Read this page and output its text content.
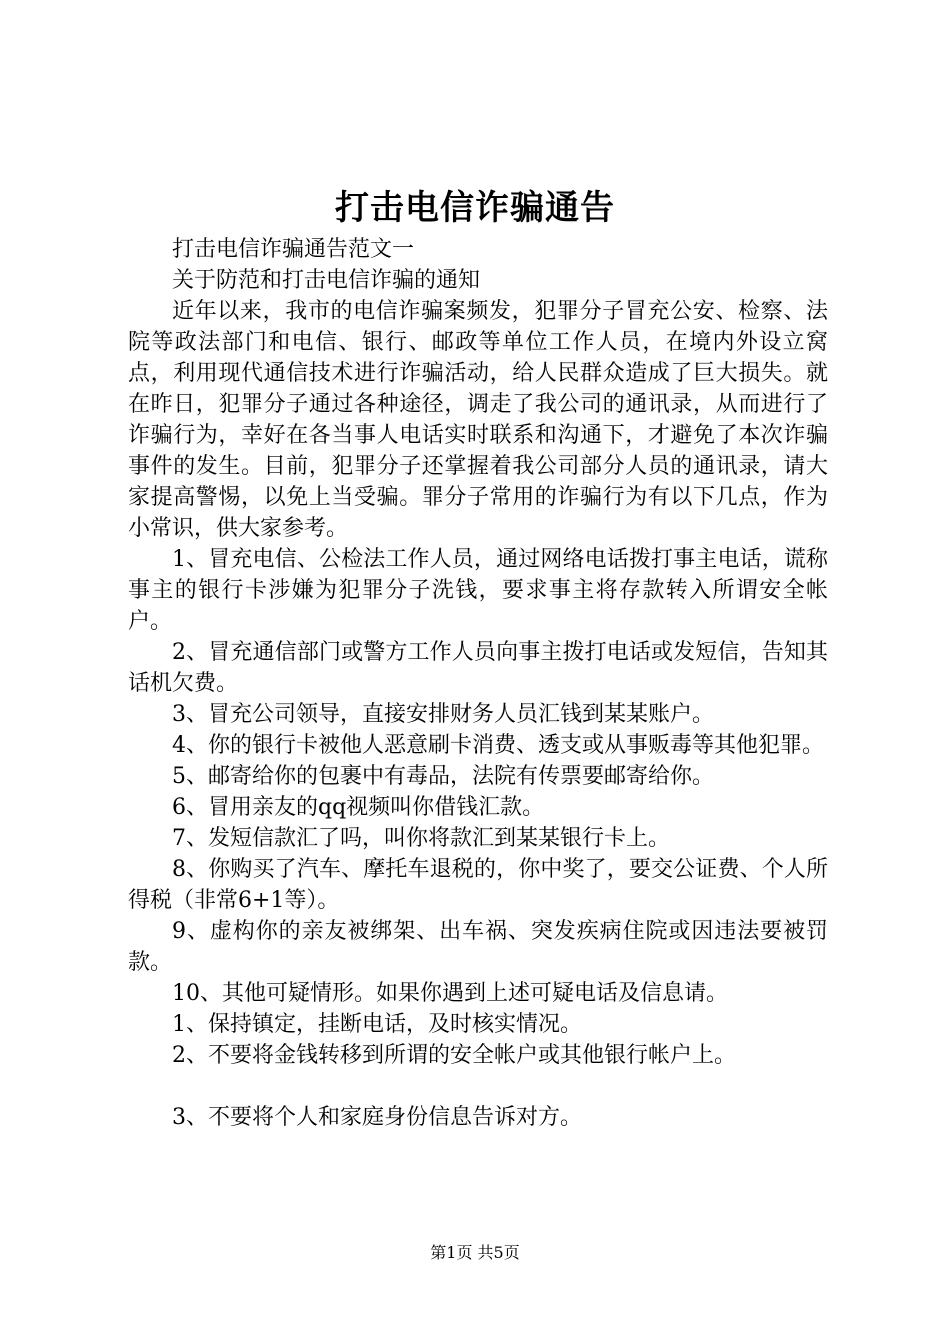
打击电信诈骗通告

打击电信诈骗通告范文一

关于防范和打击电信诈骗的通知

近年以来，我市的电信诈骗案频发，犯罪分子冒充公安、检察、法院等政法部门和电信、银行、邮政等单位工作人员，在境内外设立窝点，利用现代通信技术进行诈骗活动，给人民群众造成了巨大损失。就在昨日，犯罪分子通过各种途径，调走了我公司的通讯录，从而进行了诈骗行为，幸好在各当事人电话实时联系和沟通下，才避免了本次诈骗事件的发生。目前，犯罪分子还掌握着我公司部分人员的通讯录，请大家提高警惕，以免上当受骗。罪分子常用的诈骗行为有以下几点，作为小常识，供大家参考。

1、冒充电信、公检法工作人员，通过网络电话拨打事主电话，谎称事主的银行卡涉嫌为犯罪分子洗钱，要求事主将存款转入所谓安全帐户。

2、冒充通信部门或警方工作人员向事主拨打电话或发短信，告知其话机欠费。

3、冒充公司领导，直接安排财务人员汇钱到某某账户。

4、你的银行卡被他人恶意刷卡消费、透支或从事贩毒等其他犯罪。

5、邮寄给你的包裹中有毒品，法院有传票要邮寄给你。

6、冒用亲友的qq视频叫你借钱汇款。

7、发短信款汇了吗，叫你将款汇到某某银行卡上。

8、你购买了汽车、摩托车退税的，你中奖了，要交公证费、个人所得税（非常6+1等）。

9、虚构你的亲友被绑架、出车祸、突发疾病住院或因违法要被罚款。

10、其他可疑情形。如果你遇到上述可疑电话及信息请。

1、保持镇定，挂断电话，及时核实情况。

2、不要将金钱转移到所谓的安全帐户或其他银行帐户上。

3、不要将个人和家庭身份信息告诉对方。

第1页 共5页
